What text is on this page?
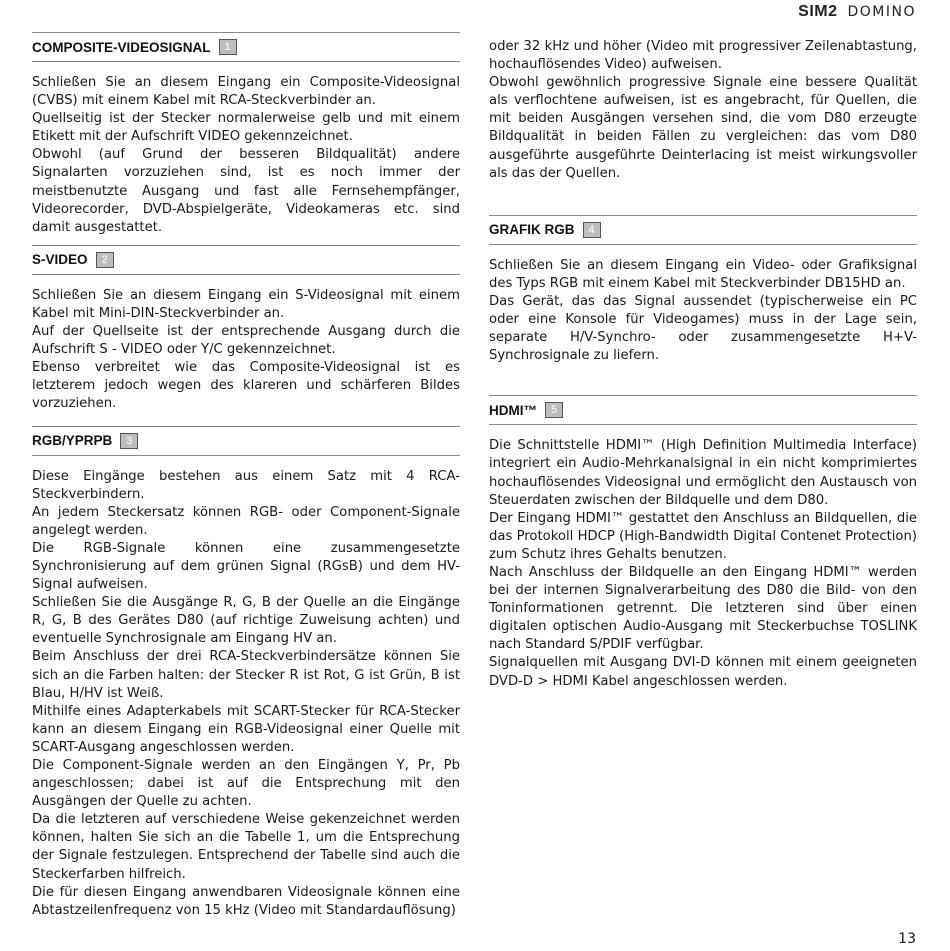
SIM2 DOMINO
COMPOSITE-VIDEOSIGNAL	1

Schließen Sie an diesem Eingang ein Composite-Videosignal (CVBS) mit einem Kabel mit RCA-Steckverbinder an.

Quellseitig ist der Stecker normalerweise gelb und mit einem Etikett mit der Aufschrift VIDEO gekennzeichnet.

Obwohl (auf Grund der besseren Bildqualität) andere Signalarten vorzuziehen sind, ist es noch immer der meistbenutzte Ausgang und fast alle Fernsehempfänger, Videorecorder, DVD-Abspielgeräte, Videokameras etc. sind damit ausgestattet.

S-VIDEO	2

Schließen Sie an diesem Eingang ein S-Videosignal mit einem Kabel mit Mini-DIN-Steckverbinder an.

Auf der Quellseite ist der entsprechende Ausgang durch die Aufschrift S - VIDEO oder Y/C gekennzeichnet.

Ebenso verbreitet wie das Composite-Videosignal ist es letzterem jedoch wegen des klareren und schärferen Bildes vorzuziehen.

RGB/YPRPB	3

Diese Eingänge bestehen aus einem Satz mit 4 RCA-Steckverbindern.

An jedem Steckersatz können RGB- oder Component-Signale angelegt werden.

Die RGB-Signale können eine zusammengesetzte Synchronisierung auf dem grünen Signal (RGsB) und dem HV-Signal aufweisen.

Schließen Sie die Ausgänge R, G, B der Quelle an die Eingänge R, G, B des Gerätes D80 (auf richtige Zuweisung achten) und eventuelle Synchrosignale am Eingang HV an.

Beim Anschluss der drei RCA-Steckverbindersätze können Sie sich an die Farben halten: der Stecker R ist Rot, G ist Grün, B ist Blau, H/HV ist Weiß.

Mithilfe eines Adapterkabels mit SCART-Stecker für RCA-Stecker kann an diesem Eingang ein RGB-Videosignal einer Quelle mit SCART-Ausgang angeschlossen werden.

Die Component-Signale werden an den Eingängen Y, Pr, Pb angeschlossen; dabei ist auf die Entsprechung mit den Ausgängen der Quelle zu achten.

Da die letzteren auf verschiedene Weise gekenzeichnet werden können, halten Sie sich an die Tabelle 1, um die Entsprechung der Signale festzulegen. Entsprechend der Tabelle sind auch die Steckerfarben hilfreich.

Die für diesen Eingang anwendbaren Videosignale können eine Abtastzeilenfrequenz von 15 kHz (Video mit Standardauflösung)

oder 32 kHz und höher (Video mit progressiver Zeilenabtastung, hochauflösendes Video) aufweisen.

Obwohl gewöhnlich progressive Signale eine bessere Qualität als verflochtene aufweisen, ist es angebracht, für Quellen, die mit beiden Ausgängen versehen sind, die vom D80 erzeugte Bildqualität in beiden Fällen zu vergleichen: das vom D80 ausgeführte ausgeführte Deinterlacing ist meist wirkungsvoller als das der Quellen.

GRAFIK RGB	4

Schließen Sie an diesem Eingang ein Video- oder Grafiksignal des Typs RGB mit einem Kabel mit Steckverbinder DB15HD an.

Das Gerät, das das Signal aussendet (typischerweise ein PC oder eine Konsole für Videogames) muss in der Lage sein, separate H/V-Synchro- oder zusammengesetzte H+V- Synchrosignale zu liefern.

HDMI™	5

Die Schnittstelle HDMI™ (High Definition Multimedia Interface) integriert ein Audio-Mehrkanalsignal in ein nicht komprimiertes hochauflösendes Videosignal und ermöglicht den Austausch von Steuerdaten zwischen der Bildquelle und dem D80.

Der Eingang HDMI™ gestattet den Anschluss an Bildquellen, die das Protokoll HDCP (High-Bandwidth Digital Contenet Protection) zum Schutz ihres Gehalts benutzen.

Nach Anschluss der Bildquelle an den Eingang HDMI™ werden bei der internen Signalverarbeitung des D80 die Bild- von den Toninformationen getrennt. Die letzteren sind über einen digitalen optischen Audio-Ausgang mit Steckerbuchse TOSLINK nach Standard S/PDIF verfügbar.

Signalquellen mit Ausgang DVI-D können mit einem geeigneten DVD-D > HDMI Kabel angeschlossen werden.

13
